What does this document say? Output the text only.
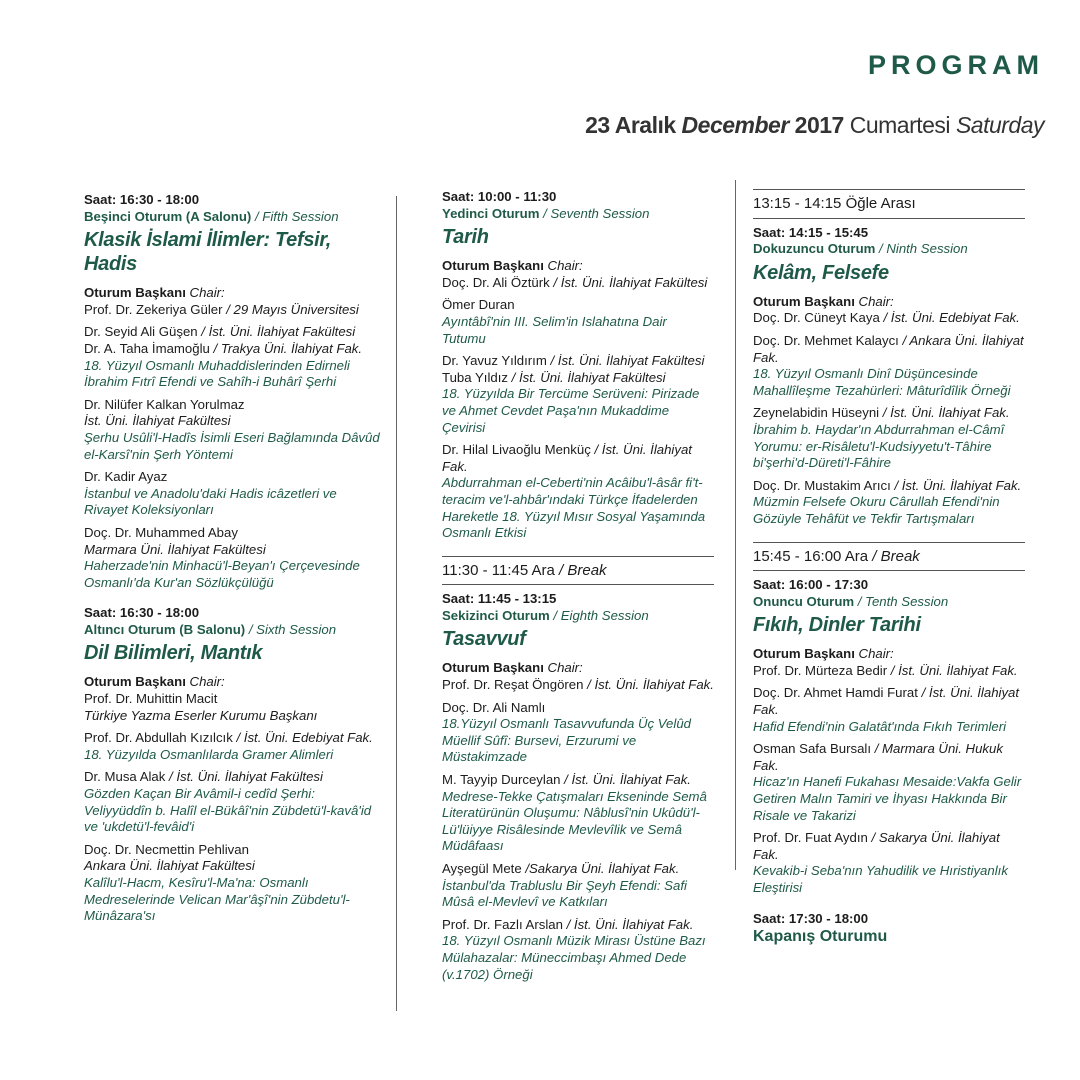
PROGRAM
23 Aralık December 2017 Cumartesi Saturday
Saat: 16:30 - 18:00
Beşinci Oturum (A Salonu) / Fifth Session
Klasik İslami İlimler: Tefsir, Hadis
Oturum Başkanı Chair:
Prof. Dr. Zekeriya Güler / 29 Mayıs Üniversitesi
Dr. Seyid Ali Güşen / İst. Üni. İlahiyat Fakültesi
Dr. A. Taha İmamoğlu / Trakya Üni. İlahiyat Fak.
18. Yüzyıl Osmanlı Muhaddislerinden Edirneli İbrahim Fıtrî Efendi ve Sahîh-i Buhârî Şerhi
Dr. Nilüfer Kalkan Yorulmaz
İst. Üni. İlahiyat Fakültesi
Şerhu Usûli'l-Hadîs İsimli Eseri Bağlamında Dâvûd el-Karsî'nin Şerh Yöntemi
Dr. Kadir Ayaz
İstanbul ve Anadolu'daki Hadis icâzetleri ve Rivayet Koleksiyonları
Doç. Dr. Muhammed Abay
Marmara Üni. İlahiyat Fakültesi
Haherzade'nin Minhacü'l-Beyan'ı Çerçevesinde Osmanlı'da Kur'an Sözlükçülüğü
Saat: 16:30 - 18:00
Altıncı Oturum (B Salonu) / Sixth Session
Dil Bilimleri, Mantık
Oturum Başkanı Chair:
Prof. Dr. Muhittin Macit
Türkiye Yazma Eserler Kurumu Başkanı
Prof. Dr. Abdullah Kızılcık / İst. Üni. Edebiyat Fak.
18. Yüzyılda Osmanlılarda Gramer Alimleri
Dr. Musa Alak / İst. Üni. İlahiyat Fakültesi
Gözden Kaçan Bir Avâmil-i cedîd Şerhi: Veliyyüddîn b. Halîl el-Bükâî'nin Zübdetü'l-kavâ'id ve 'ukdetü'l-fevâid'i
Doç. Dr. Necmettin Pehlivan
Ankara Üni. İlahiyat Fakültesi
Kalîlu'l-Hacm, Kesîru'l-Ma'na: Osmanlı Medreselerinde Velican Mar'âşî'nin Zübdetu'l- Münâzara'sı
Saat: 10:00 - 11:30
Yedinci Oturum / Seventh Session
Tarih
Oturum Başkanı Chair:
Doç. Dr. Ali Öztürk / İst. Üni. İlahiyat Fakültesi
Ömer Duran
Ayıntâbî'nin III. Selim'in Islahatına Dair Tutumu
Dr. Yavuz Yıldırım / İst. Üni. İlahiyat Fakültesi
Tuba Yıldız / İst. Üni. İlahiyat Fakültesi
18. Yüzyılda Bir Tercüme Serüveni: Pirizade ve Ahmet Cevdet Paşa'nın Mukaddime Çevirisi
Dr. Hilal Livaoğlu Menküç / İst. Üni. İlahiyat Fak.
Abdurrahman el-Ceberti'nin Acâibu'l-âsâr fi't-teracim ve'l-ahbâr'ındaki Türkçe İfadelerden Hareketle 18. Yüzyıl Mısır Sosyal Yaşamında Osmanlı Etkisi
11:30 - 11:45 Ara / Break
Saat: 11:45 - 13:15
Sekizinci Oturum / Eighth Session
Tasavvuf
Oturum Başkanı Chair:
Prof. Dr. Reşat Öngören / İst. Üni. İlahiyat Fak.
Doç. Dr. Ali Namlı
18.Yüzyıl Osmanlı Tasavvufunda Üç Velûd Müellif Sûfî: Bursevi, Erzurumi ve Müstakimzade
M. Tayyip Durceylan / İst. Üni. İlahiyat Fak.
Medrese-Tekke Çatışmaları Ekseninde Semâ Literatürünün Oluşumu: Nâblusî'nin Ukûdü'l-Lü'lüiyye Risâlesinde Mevlevîlik ve Semâ Müdâfaası
Ayşegül Mete /Sakarya Üni. İlahiyat Fak.
İstanbul'da Trabluslu Bir Şeyh Efendi: Safi Mûsâ el-Mevlevî ve Katkıları
Prof. Dr. Fazlı Arslan / İst. Üni. İlahiyat Fak.
18. Yüzyıl Osmanlı Müzik Mirası Üstüne Bazı Mülahazalar: Müneccimbaşı Ahmed Dede (v.1702) Örneği
13:15 - 14:15 Öğle Arası
Saat: 14:15 - 15:45
Dokuzuncu Oturum / Ninth Session
Kelâm, Felsefe
Oturum Başkanı Chair:
Doç. Dr. Cüneyt Kaya / İst. Üni. Edebiyat Fak.
Doç. Dr. Mehmet Kalaycı / Ankara Üni. İlahiyat Fak.
18. Yüzyıl Osmanlı Dinî Düşüncesinde Mahallîleşme Tezahürleri: Mâturîdîlik Örneği
Zeynelabidin Hüseyni / İst. Üni. İlahiyat Fak.
İbrahim b. Haydar'ın Abdurrahman el-Câmî Yorumu: er-Risâletu'l-Kudsiyyetu't-Tâhire bi'şerhi'd-Düreti'l-Fâhire
Doç. Dr. Mustakim Arıcı / İst. Üni. İlahiyat Fak.
Müzmin Felsefe Okuru Cârullah Efendi'nin Gözüyle Tehâfüt ve Tekfir Tartışmaları
15:45 - 16:00 Ara / Break
Saat: 16:00 - 17:30
Onuncu Oturum / Tenth Session
Fıkıh, Dinler Tarihi
Oturum Başkanı Chair:
Prof. Dr. Mürteza Bedir / İst. Üni. İlahiyat Fak.
Doç. Dr. Ahmet Hamdi Furat / İst. Üni. İlahiyat Fak.
Hafid Efendi'nin Galatât'ında Fıkıh Terimleri
Osman Safa Bursalı / Marmara Üni. Hukuk Fak.
Hicaz'ın Hanefi Fukahası Mesaide:Vakfa Gelir Getiren Malın Tamiri ve İhyası Hakkında Bir Risale ve Takarizi
Prof. Dr. Fuat Aydın / Sakarya Üni. İlahiyat Fak.
Kevakib-i Seba'nın Yahudilik ve Hıristiyanlık Eleştirisi
Saat: 17:30 - 18:00
Kapanış Oturumu
